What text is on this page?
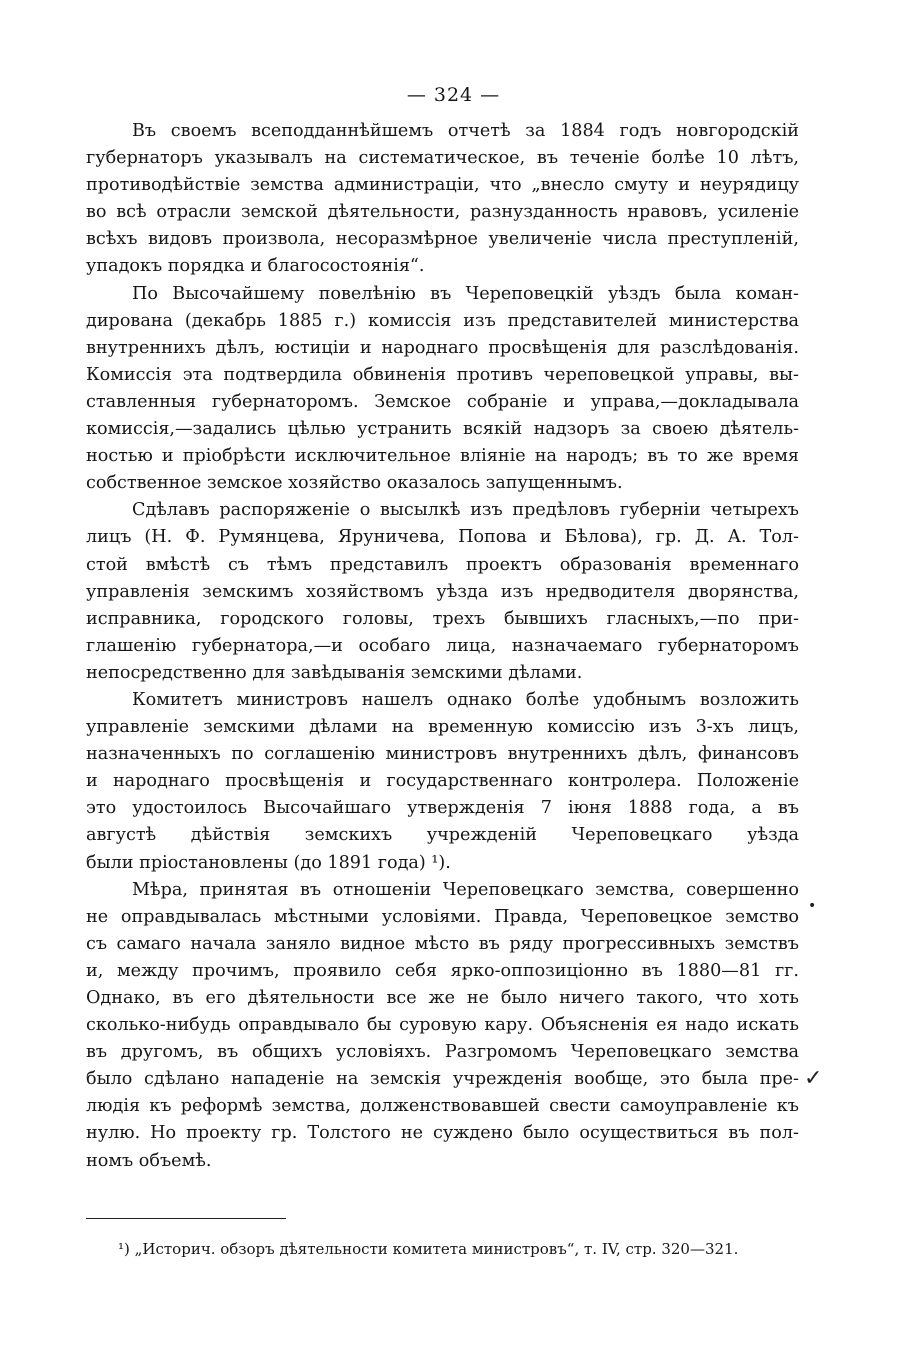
— 324 —
Въ своемъ всеподданнѣйшемъ отчетѣ за 1884 годъ новгородскій
губернаторъ указывалъ на систематическое, въ теченіе болѣе 10 лѣтъ,
противодѣйствіе земства администраціи, что „внесло смуту и неурядицу
во всѣ отрасли земской дѣятельности, разнузданность нравовъ, усиленіе
всѣхъ видовъ произвола, несоразмѣрное увеличеніе числа преступленій,
упадокъ порядка и благосостоянія“.
По Высочайшему повелѣнію въ Череповецкій уѣздъ была коман-
дирована (декабрь 1885 г.) комиссія изъ представителей министерства
внутреннихъ дѣлъ, юстиціи и народнаго просвѣщенія для разслѣдованія.
Комиссія эта подтвердила обвиненія противъ череповецкой управы, вы-
ставленныя губернаторомъ. Земское собраніе и управа,—докладывала
комиссія,—задались цѣлью устранить всякій надзоръ за своею дѣятель-
ностью и пріобрѣсти исключительное вліяніе на народъ; въ то же время
собственное земское хозяйство оказалось запущеннымъ.
Сдѣлавъ распоряженіе о высылкѣ изъ предѣловъ губерніи четырехъ
лицъ (Н. Ф. Румянцева, Яруничева, Попова и Бѣлова), гр. Д. А. Тол-
стой вмѣстѣ съ тѣмъ представилъ проектъ образованія временнаго
управленія земскимъ хозяйствомъ уѣзда изъ нредводителя дворянства,
исправника, городского головы, трехъ бывшихъ гласныхъ,—по при-
глашенію губернатора,—и особаго лица, назначаемаго губернаторомъ
непосредственно для завѣдыванія земскими дѣлами.
Комитетъ министровъ нашелъ однако болѣе удобнымъ возложить
управленіе земскими дѣлами на временную комиссію изъ 3-хъ лицъ,
назначенныхъ по соглашенію министровъ внутреннихъ дѣлъ, финансовъ
и народнаго просвѣщенія и государственнаго контролера. Положеніе
это удостоилось Высочайшаго утвержденія 7 іюня 1888 года, а въ
августѣ дѣйствія земскихъ учрежденій Череповецкаго уѣзда
были пріостановлены (до 1891 года) ¹).
Мѣра, принятая въ отношеніи Череповецкаго земства, совершенно
не оправдывалась мѣстными условіями. Правда, Череповецкое земство
съ самаго начала заняло видное мѣсто въ ряду прогрессивныхъ земствъ
и, между прочимъ, проявило себя ярко-оппозиціонно въ 1880—81 гг.
Однако, въ его дѣятельности все же не было ничего такого, что хоть
сколько-нибудь оправдывало бы суровую кару. Объясненія ея надо искать
въ другомъ, въ общихъ условіяхъ. Разгромомъ Череповецкаго земства
было сдѣлано нападеніе на земскія учрежденія вообще, это была пре-
людія къ реформѣ земства, долженствовавшей свести самоуправленіе къ
нулю. Но проекту гр. Толстого не суждено было осуществиться въ пол-
номъ объемѣ.
•
✓
¹) „Историч. обзоръ дѣятельности комитета министровъ“, т. IV, стр. 320—321.
